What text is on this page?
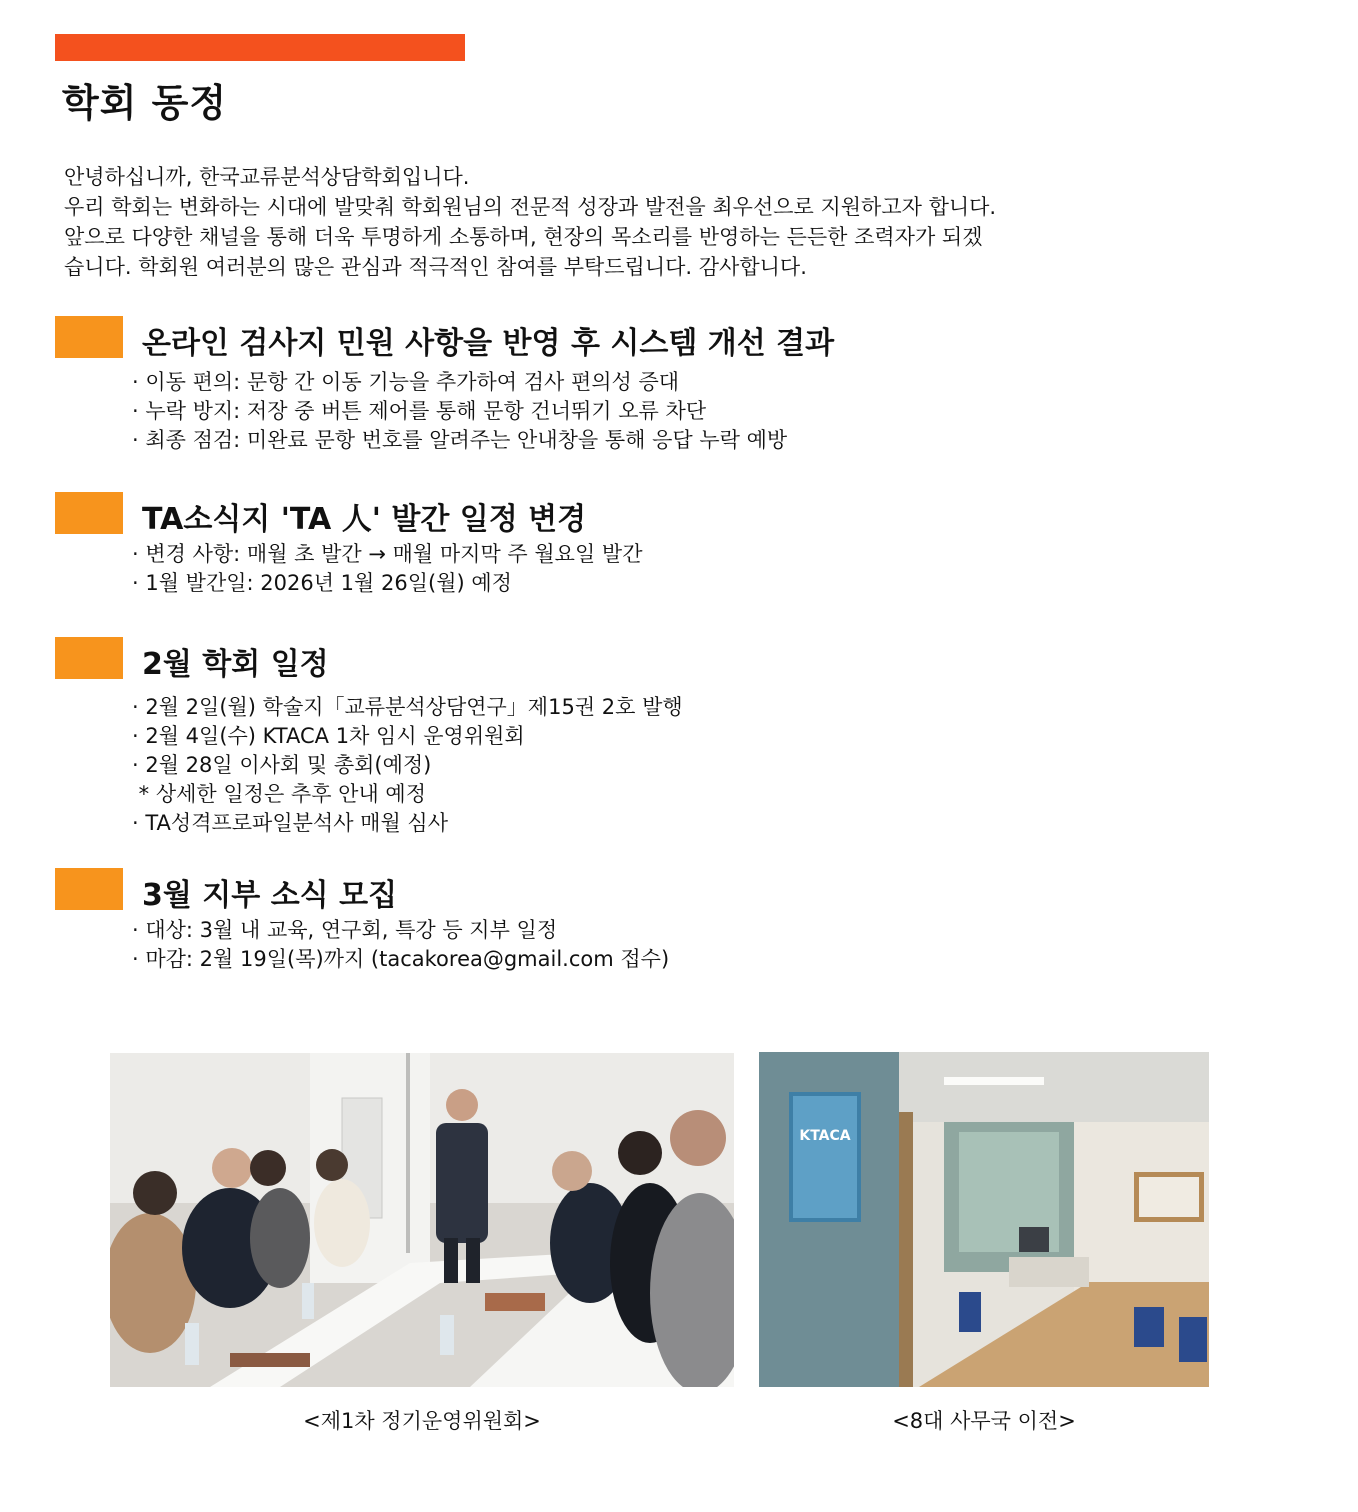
학회 동정
안녕하십니까, 한국교류분석상담학회입니다.
우리 학회는 변화하는 시대에 발맞춰 학회원님의 전문적 성장과 발전을 최우선으로 지원하고자 합니다.
앞으로 다양한 채널을 통해 더욱 투명하게 소통하며, 현장의 목소리를 반영하는 든든한 조력자가 되겠
습니다. 학회원 여러분의 많은 관심과 적극적인 참여를 부탁드립니다. 감사합니다.
온라인 검사지 민원 사항을 반영 후 시스템 개선 결과
· 이동 편의: 문항 간 이동 기능을 추가하여 검사 편의성 증대
· 누락 방지: 저장 중 버튼 제어를 통해 문항 건너뛰기 오류 차단
· 최종 점검: 미완료 문항 번호를 알려주는 안내창을 통해 응답 누락 예방
TA소식지 'TA 人' 발간 일정 변경
· 변경 사항: 매월 초 발간 → 매월 마지막 주 월요일 발간
· 1월 발간일: 2026년 1월 26일(월) 예정
2월 학회 일정
· 2월 2일(월) 학술지「교류분석상담연구」제15권 2호 발행
· 2월 4일(수) KTACA 1차 임시 운영위원회
· 2월 28일 이사회 및 총회(예정)
* 상세한 일정은 추후 안내 예정
· TA성격프로파일분석사 매월 심사
3월 지부 소식 모집
· 대상: 3월 내 교육, 연구회, 특강 등 지부 일정
· 마감: 2월 19일(목)까지 (tacakorea@gmail.com 접수)
<제1차 정기운영위원회>
KTACA
<8대 사무국 이전>
